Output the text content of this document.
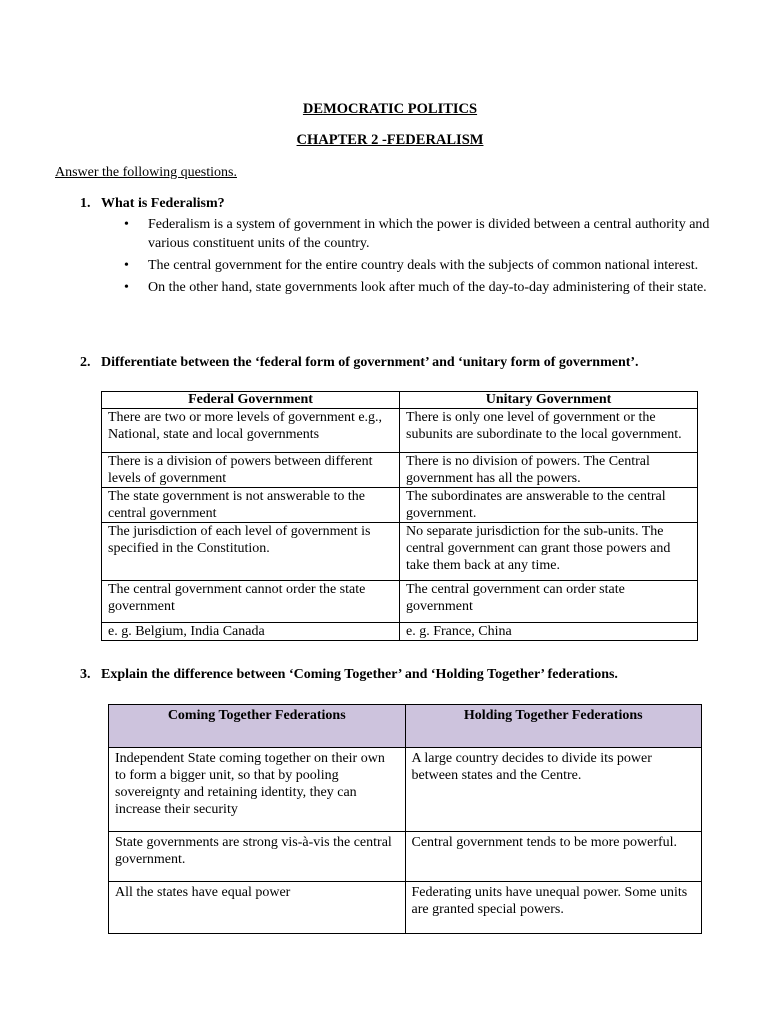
DEMOCRATIC POLITICS
CHAPTER 2 -FEDERALISM
Answer the following questions.
1. What is Federalism?
• Federalism is a system of government in which the power is divided between a central authority and various constituent units of the country.
• The central government for the entire country deals with the subjects of common national interest.
• On the other hand, state governments look after much of the day-to-day administering of their state.
2. Differentiate between the ‘federal form of government’ and ‘unitary form of government’.
Federal Government	Unitary Government
There are two or more levels of government e.g., National, state and local governments	There is only one level of government or the subunits are subordinate to the local government.
There is a division of powers between different levels of government	There is no division of powers. The Central government has all the powers.
The state government is not answerable to the central government	The subordinates are answerable to the central government.
The jurisdiction of each level of government is specified in the Constitution.	No separate jurisdiction for the sub-units. The central government can grant those powers and take them back at any time.
The central government cannot order the state government	The central government can order state government
e. g. Belgium, India Canada	e. g. France, China
3. Explain the difference between ‘Coming Together’ and ‘Holding Together’ federations.
Coming Together Federations	Holding Together Federations
Independent State coming together on their own to form a bigger unit, so that by pooling sovereignty and retaining identity, they can increase their security	A large country decides to divide its power between states and the Centre.
State governments are strong vis-à-vis the central government.	Central government tends to be more powerful.
All the states have equal power	Federating units have unequal power. Some units are granted special powers.
